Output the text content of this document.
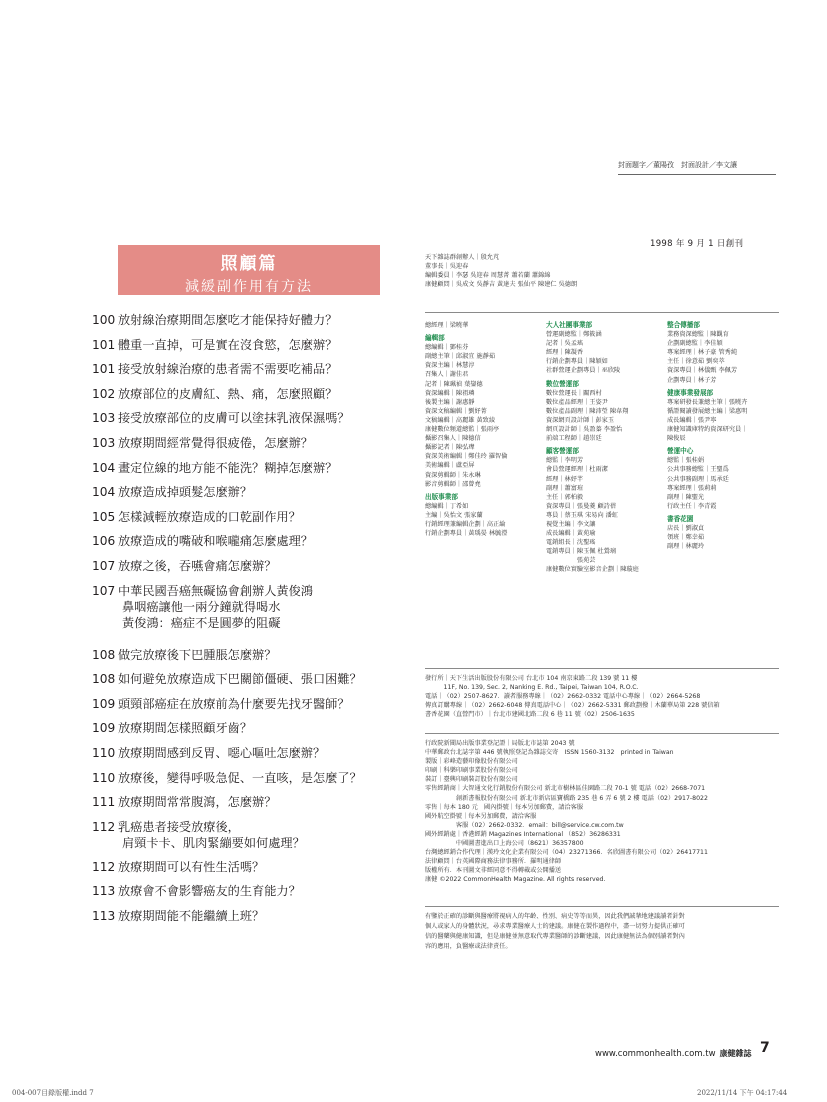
封面題字／董陽孜　封面設計／李文讓
1998 年 9 月 1 日創刊
照顧篇
減緩副作用有方法
100 放射線治療期間怎麼吃才能保持好體力？
101 體重一直掉，可是實在沒食慾，怎麼辦？
101 接受放射線治療的患者需不需要吃補品？
102 放療部位的皮膚紅、熱、痛，怎麼照顧？
103 接受放療部位的皮膚可以塗抹乳液保濕嗎？
103 放療期間經常覺得很疲倦，怎麼辦？
104 畫定位線的地方能不能洗？糊掉怎麼辦？
104 放療造成掉頭髮怎麼辦？
105 怎樣減輕放療造成的口乾副作用？
106 放療造成的嘴破和喉嚨痛怎麼處理？
107 放療之後，吞嚥會痛怎麼辦？
107 中華民國吾癌無礙協會創辦人黃俊鴻
鼻咽癌讓他一兩分鐘就得喝水
黃俊鴻：癌症不是圓夢的阻礙
108 做完放療後下巴腫脹怎麼辦？
108 如何避免放療造成下巴關節僵硬、張口困難？
109 頭頸部癌症在放療前為什麼要先找牙醫師？
109 放療期間怎樣照顧牙齒？
110 放療期間感到反胃、噁心嘔吐怎麼辦？
110 放療後，變得呼吸急促、一直咳，是怎麼了？
111 放療期間常常腹瀉，怎麼辦？
112 乳癌患者接受放療後，
肩頸卡卡、肌肉緊繃要如何處理？
112 放療期間可以有性生活嗎？
113 放療會不會影響癌友的生育能力？
113 放療期間能不能繼續上班？
天下雜誌群創辦人｜殷允芃
董事長｜吳迎春
編輯委員｜李瑟 吳迎春 周慧菁 蕭若蘭 蕭錦綿
康健顧問｜吳成文 吳靜吉 黃達夫 張仙平 陳建仁 吳德朗
總經理｜梁曉華
編輯部
總編輯｜鄧桂芬
副總主筆｜邱淑宜 施靜茹
資深主編｜林慧淳
召集人｜謝佳君
記者｜陳珮禎 葉鋆德
資深編輯｜陳祖璘
後製主編｜謝惠靜
資深文稿編輯｜劉妤菁
文稿編輯｜高麗雄 黃致綾
康健數位頻道總監｜張雨亭
攝影召集人｜陳德信
攝影記者｜陳弘瑋
資深美術編輯｜鄭佳玲 羅智倫
美術編輯｜盧亞屏
資深剪輯師｜朱永琳
影音剪輯師｜邵曾堯
出版事業部
總編輯｜丁希如
主編｜吳怡文 張家蘭
行銷經理兼編輯企劃｜高正綸
行銷企劃專員｜黃瑀晏 林毓瀅
大人社團事業部
營運副總監｜鄭筱涵
記者｜吳孟瑤
經理｜陳凝香
行銷企劃專員｜陳穎如
社群營運企劃專員｜巫欣陵
數位營運部
數位營運長｜關西村
數位產品經理｜王姿尹
數位產品副理｜陳沛瑩 陳韋翔
資深網頁設計師｜彭家玉
網頁設計師｜吳盈蓁 李盈怡
前端工程師｜趙崇廷
顧客營運部
總監｜李明芳
會員營運經理｜杜雨潔
經理｜林妤芊
副理｜蕭富瑄
主任｜郭柏毅
資深專員｜張曼菱 顧詩蓓
專員｜蔡玉琪 宋易向 潘虹
視覺主編｜李文讓
成長編輯｜黃苑瑜
電銷組長｜沈聖瑤
電銷專員｜陳玉佩 杜鶯璃
　　　　　張苑芸
康健數位實驗室影音企劃｜陳璇庭
整合傳播部
業務資深總監｜陳觀育
企劃副總監｜李佳穎
專案經理｜林子豪 管秀純
主任｜徐意茹 劉奕萃
資深專員｜林儀甄 李佩芳
企劃專員｜林子芳
健康事業發展部
專案研發長兼總主筆｜張曉卉
循證閱讀發展總主編｜梁惠明
成長編輯｜張尹寧
康健知識庫特約資深研究員｜
陳俊辰
營運中心
總監｜張桂娟
公共事務總監｜王聖爲
公共事務副理｜馬承廷
專案經理｜張莉莉
副理｜陳聖光
行政主任｜李青霞
書香花園
店長｜劉淑貞
領班｜鄭幸茹
副理｜林麗玲
發行所｜天下生活出版股份有限公司 台北市 104 南京東路二段 139 號 11 樓
　　　11F, No. 139, Sec. 2, Nanking E. Rd., Taipei, Taiwan 104, R.O.C.
電話｜（02）2507-8627．讀者服務專線｜（02）2662-0332 電話中心專線｜（02）2664-5268
傳真訂購專線｜（02）2662-6048 傳真電話中心｜（02）2662-5331 郵政劃撥｜木蘭華局第 228 號信箱
書香花園（直營門市）｜台北市建國北路二段 6 巷 11 號（02）2506-1635
行政院新聞局出版事業登記證｜局版北市誌第 2043 號
中華郵政台北誌字第 446 號執照登記為雜誌交寄　ISSN 1560-3132　printed in Taiwan
製版｜彩峰造藝印像股份有限公司
印刷｜科樂印刷事業股份有限公司
裝訂｜臺興印刷裝訂股份有限公司
零售經銷商｜大智通文化行銷股份有限公司 新北市樹林區佳園路二段 70-1 號 電話（02）2668-7071
　　　　　創新書報股份有限公司 新北市新店區寶橋路 235 巷 6 弄 6 號 2 樓 電話（02）2917-8022
零售｜每本 180 元　國內掛號｜每本另加郵費，請洽客服
國外航空掛號｜每本另加郵費，請洽客服
　　　　　客服（02）2662-0332．email：bill@service.cw.com.tw
國外經銷處｜香港經銷 Magazines International （852）36286331
　　　　　中國圖書進出口上海公司（8621）36357800
台灣總經銷合作代理｜漢玲文化企業有限公司（04）23271366．名欣圖書有限公司（02）26417711
法律顧問｜台英國際商務法律事務所．羅明通律師
版權所有．本刊圖文非經同意不得轉載或公開播送
康健 ©2022 CommonHealth Magazine. All rights reserved.
有鑒於正確的診斷與醫療將視病人的年齡、性別、病史等等而異，因此我們誠摯地建議讀者針對
個人或家人的身體狀況，尋求專業醫療人士的建議。康健在製作過程中，盡一切努力提供正確可
信的醫藥與健康知識，但是康健並無意取代專業醫師的診斷建議，因此康健無法為個別讀者對內
容的應用，負醫療或法律責任。
www.commonhealth.com.tw 康健雜誌 7
004-007目錄版權.indd 7	2022/11/14 下午 04:17:44
